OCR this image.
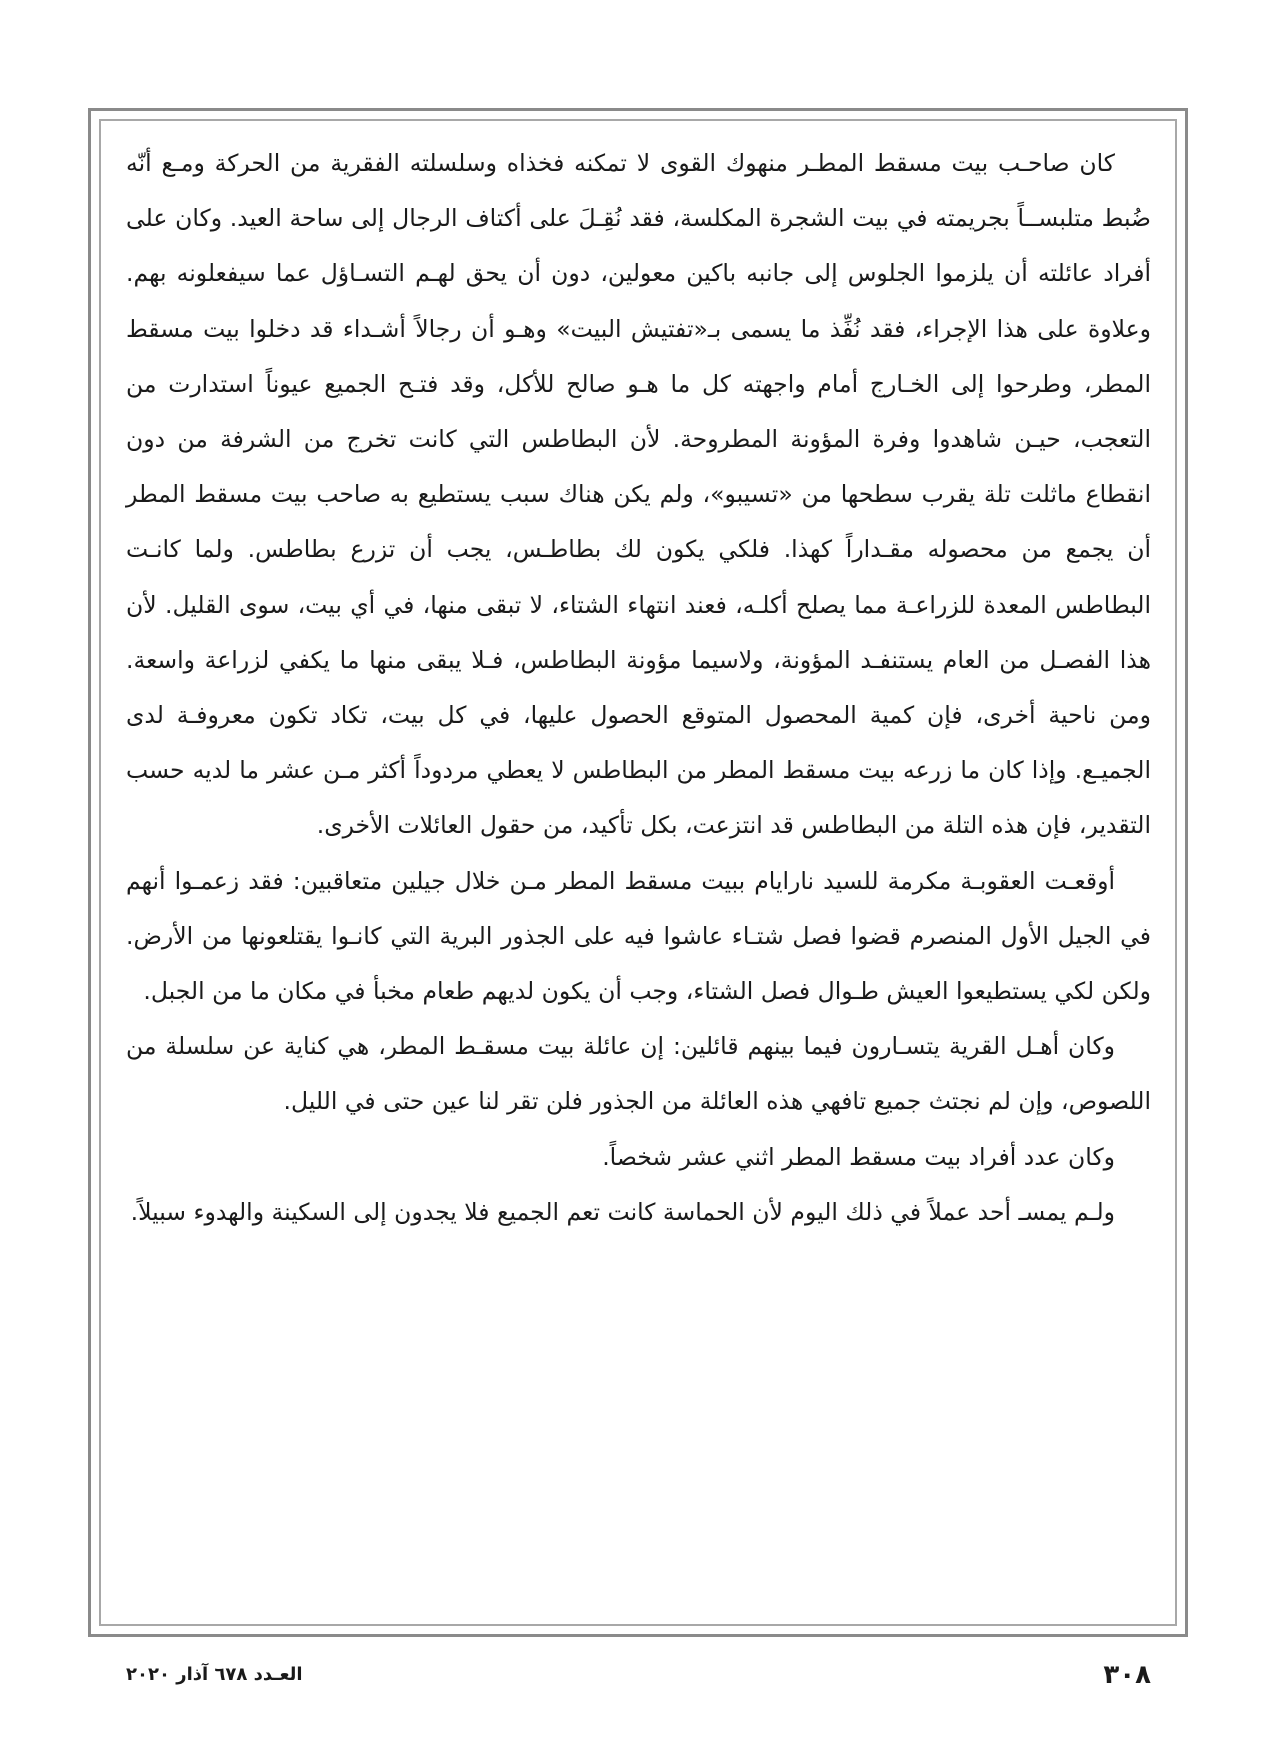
كان صاحـب بيت مسقط المطـر منهوك القوى لا تمكنه فخذاه وسلسلته الفقرية من الحركة ومـع أنّه ضُبط متلبســاً بجريمته في بيت الشجرة المكلسة، فقد نُقِـلَ على أكتاف الرجال إلى ساحة العيد. وكان على أفراد عائلته أن يلزموا الجلوس إلى جانبه باكين معولين، دون أن يحق لهـم التسـاؤل عما سيفعلونه بهم. وعلاوة على هذا الإجراء، فقد نُفِّذ ما يسمى بـ«تفتيش البيت» وهـو أن رجالاً أشـداء قد دخلوا بيت مسقط المطر، وطرحوا إلى الخـارج أمام واجهته كل ما هـو صالح للأكل، وقد فتـح الجميع عيوناً استدارت من التعجب، حيـن شاهدوا وفرة المؤونة المطروحة. لأن البطاطس التي كانت تخرج من الشرفة من دون انقطاع ماثلت تلة يقرب سطحها من «تسيبو»، ولم يكن هناك سبب يستطيع به صاحب بيت مسقط المطر أن يجمع من محصوله مقـداراً كهذا. فلكي يكون لك بطاطـس، يجب أن تزرع بطاطس. ولما كانـت البطاطس المعدة للزراعـة مما يصلح أكلـه، فعند انتهاء الشتاء، لا تبقى منها، في أي بيت، سوى القليل. لأن هذا الفصـل من العام يستنفـد المؤونة، ولاسيما مؤونة البطاطس، فـلا يبقى منها ما يكفي لزراعة واسعة. ومن ناحية أخرى، فإن كمية المحصول المتوقع الحصول عليها، في كل بيت، تكاد تكون معروفـة لدى الجميـع. وإذا كان ما زرعه بيت مسقط المطر من البطاطس لا يعطي مردوداً أكثر مـن عشر ما لديه حسب التقدير، فإن هذه التلة من البطاطس قد انتزعت، بكل تأكيد، من حقول العائلات الأخرى.

أوقعـت العقوبـة مكرمة للسيد نارايام ببيت مسقط المطر مـن خلال جيلين متعاقبين: فقد زعمـوا أنهم في الجيل الأول المنصرم قضوا فصل شتـاء عاشوا فيه على الجذور البرية التي كانـوا يقتلعونها من الأرض. ولكن لكي يستطيعوا العيش طـوال فصل الشتاء، وجب أن يكون لديهم طعام مخبأ في مكان ما من الجبل.

وكان أهـل القرية يتسـارون فيما بينهم قائلين: إن عائلة بيت مسقـط المطر، هي كناية عن سلسلة من اللصوص، وإن لم نجتث جميع تافهي هذه العائلة من الجذور فلن تقر لنا عين حتى في الليل.

وكان عدد أفراد بيت مسقط المطر اثني عشر شخصاً.

ولـم يمسـ أحد عملاً في ذلك اليوم لأن الحماسة كانت تعم الجميع فلا يجدون إلى السكينة والهدوء سبيلاً.

٣٠٨
العـدد ٦٧٨ آذار ٢٠٢٠
